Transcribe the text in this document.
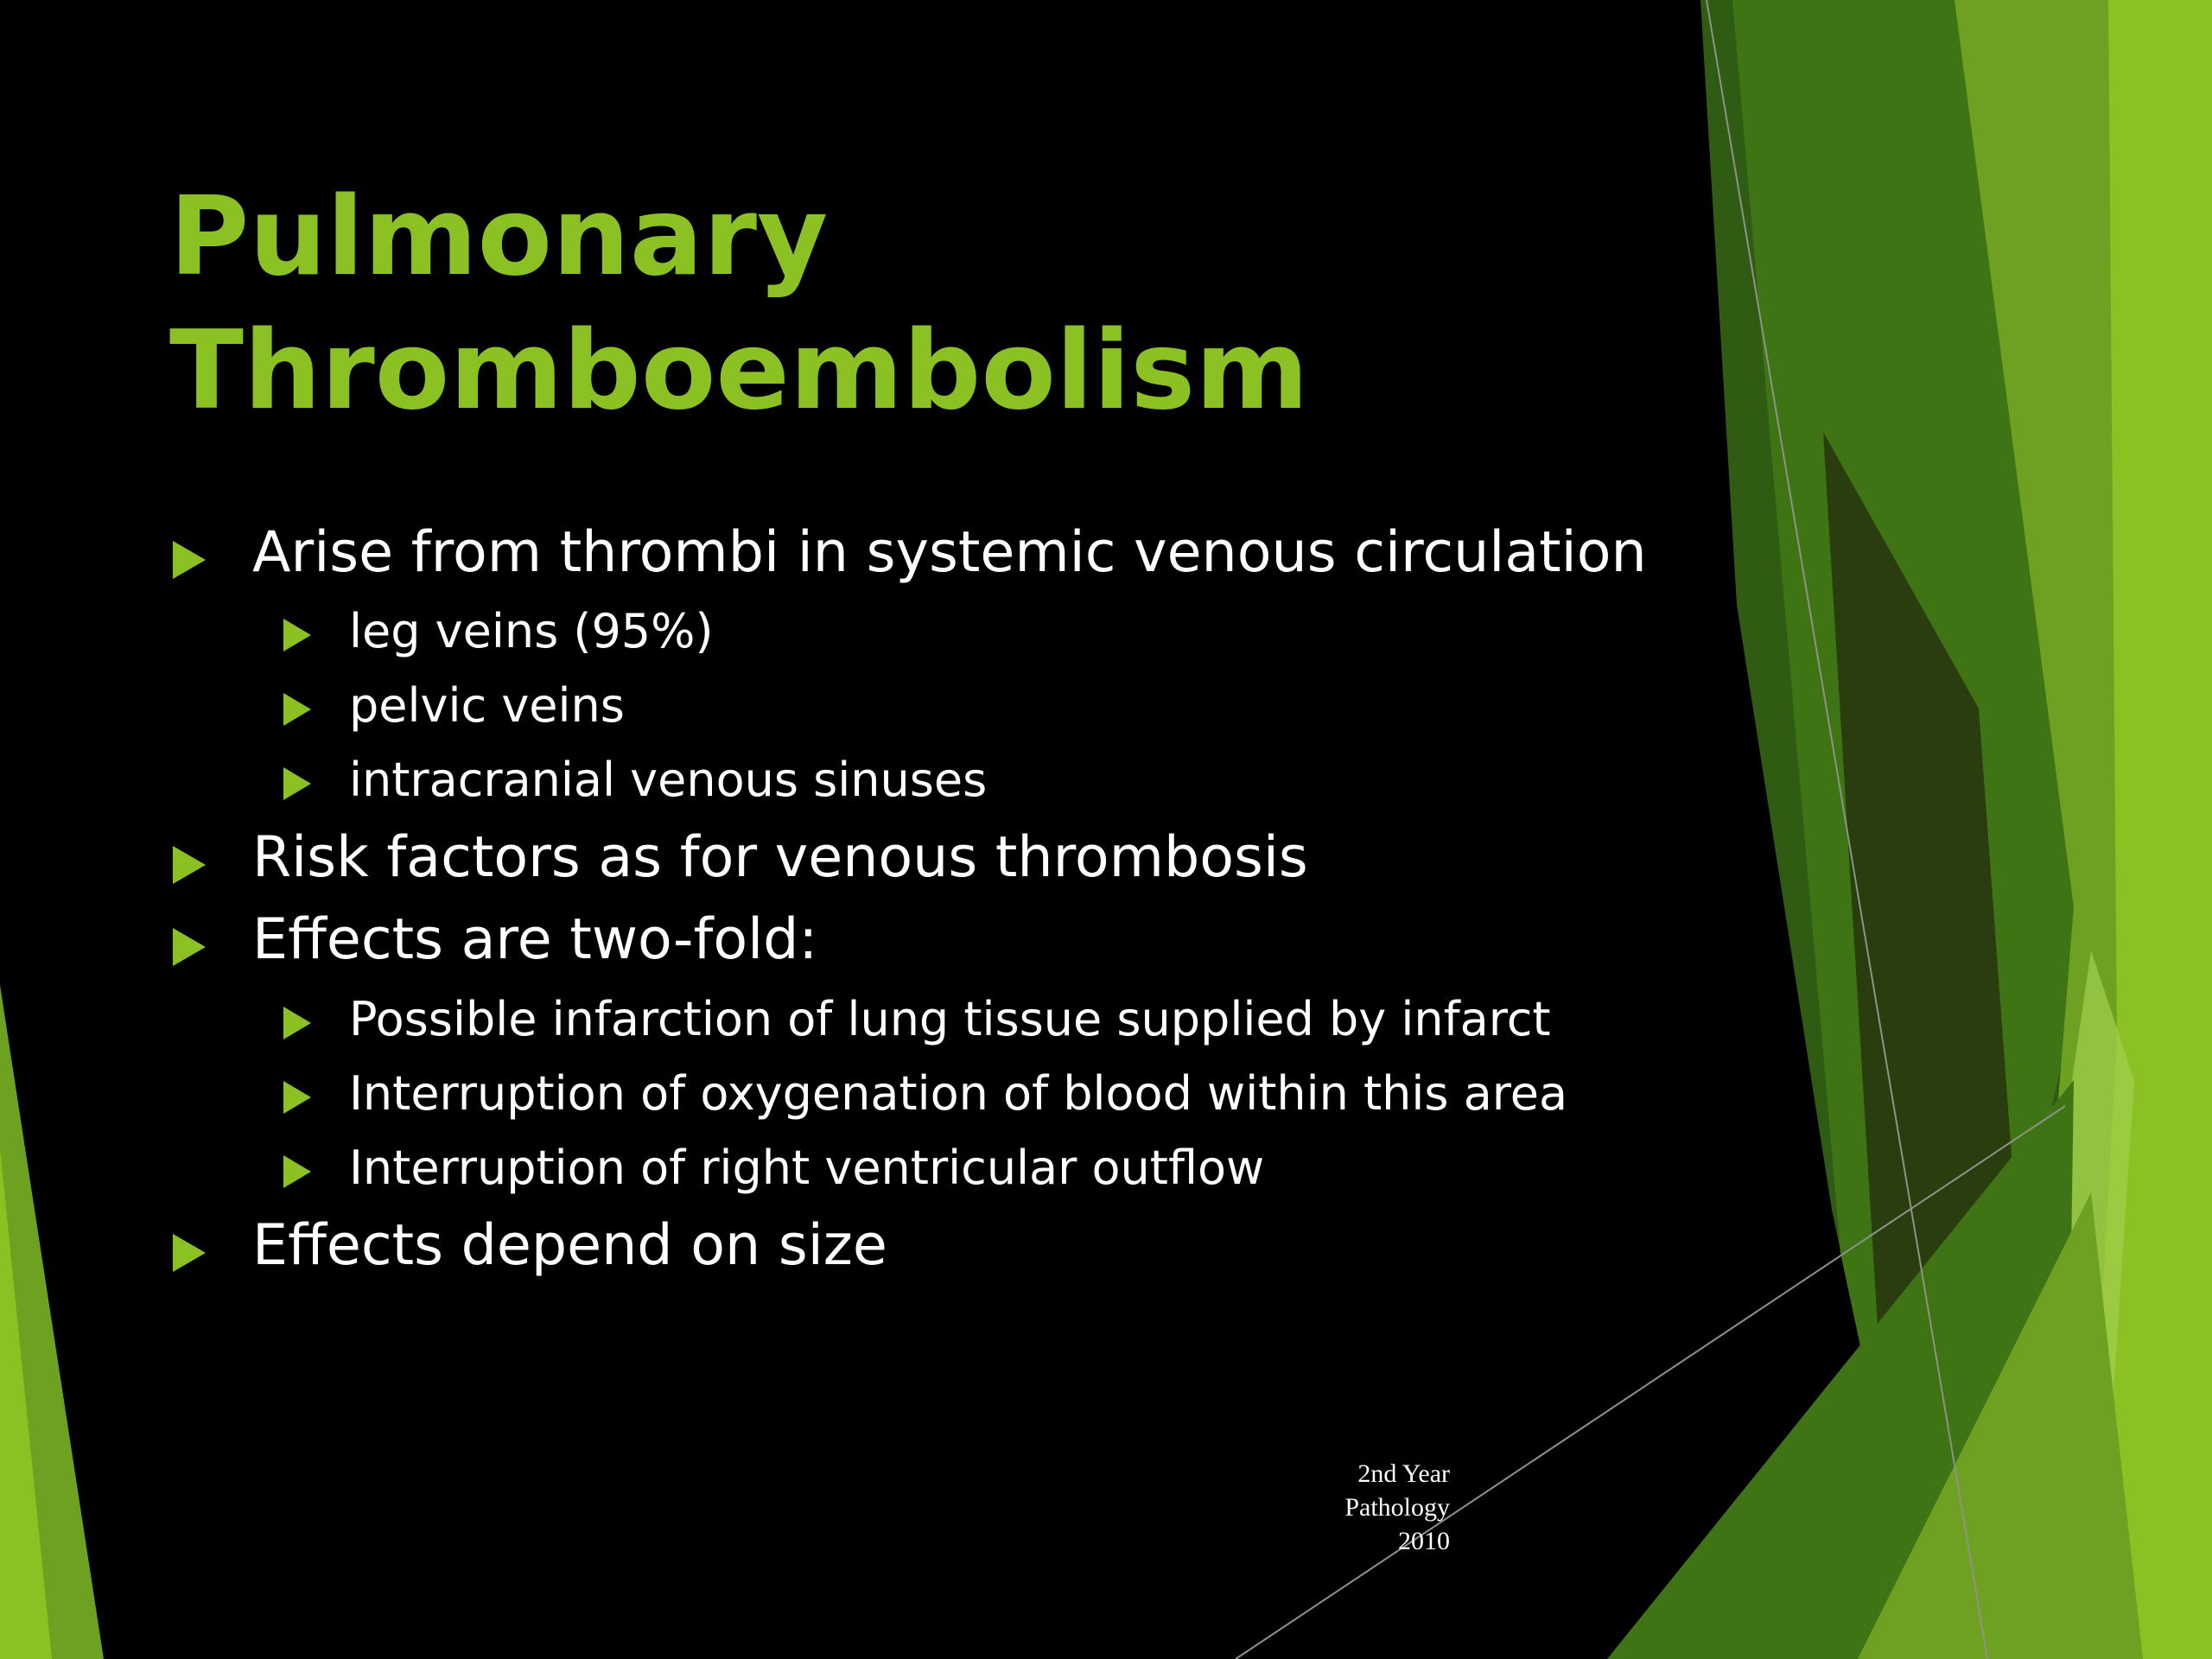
Pulmonary
Thromboembolism
Arise from thrombi in systemic venous circulation
leg veins (95%)
pelvic veins
intracranial venous sinuses
Risk factors as for venous thrombosis
Effects are two-fold:
Possible infarction of lung tissue supplied by infarct
Interruption of oxygenation of blood within this area
Interruption of right ventricular outflow
Effects depend on size
2nd Year
Pathology
2010
